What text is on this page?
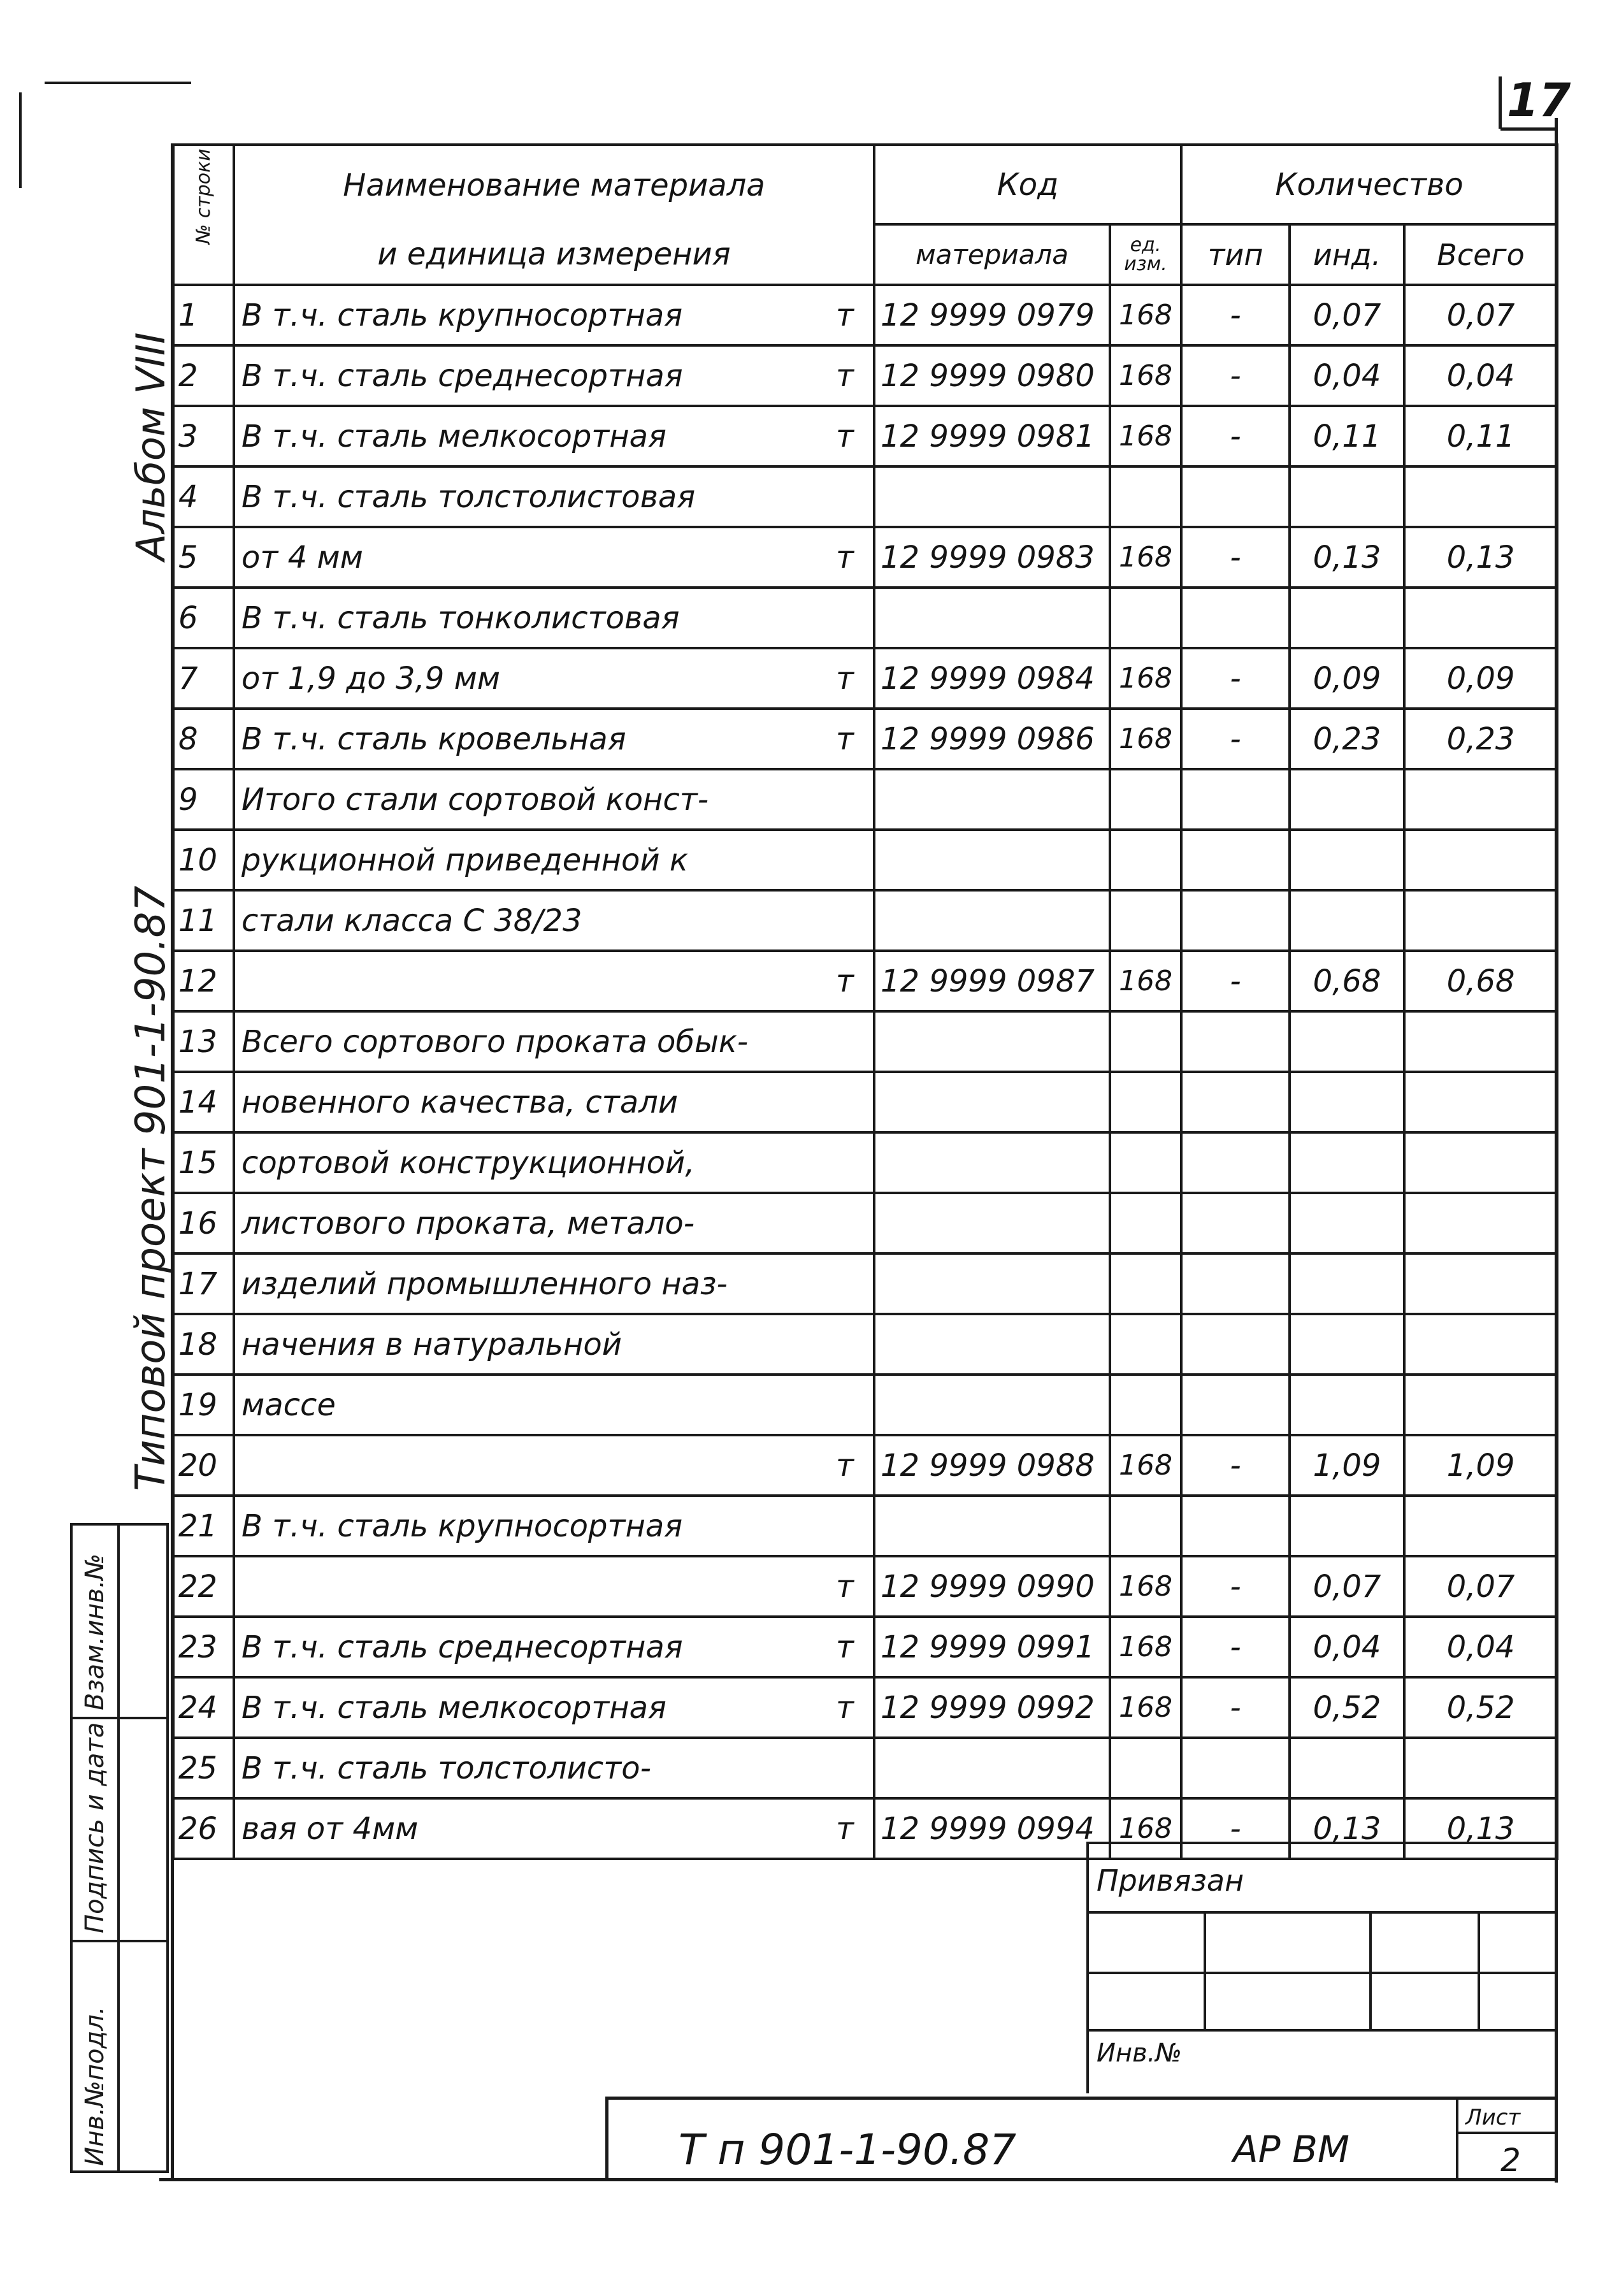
17
Альбом VIII
Типовой проект 901-1-90.87
Взам.инв.№
Подпись и дата
Инв.№подл.
№ строки	Наименование материала	Код		Количество		
	и единица измерения	материала	ед. изм.	тип	инд.	Всего
1	В т.ч. сталь крупносортная т	12 9999 0979	168	-	0,07	0,07
2	В т.ч. сталь среднесортная т	12 9999 0980	168	-	0,04	0,04
3	В т.ч. сталь мелкосортная т	12 9999 0981	168	-	0,11	0,11
4	В т.ч. сталь толстолистовая					

5	от 4 мм т	12 9999 0983	168	-	0,13	0,13
6	В т.ч. сталь тонколистовая					

7	от 1,9 до 3,9 мм т	12 9999 0984	168	-	0,09	0,09
8	В т.ч. сталь кровельная т	12 9999 0986	168	-	0,23	0,23
9	Итого стали сортовой конст-					

10	рукционной приведенной к					

11	стали класса С 38/23					

12	т	12 9999 0987	168	-	0,68	0,68
13	Всего сортового проката обык-					

14	новенного качества, стали					

15	сортовой конструкционной,					

16	листового проката, метало-					

17	изделий промышленного наз-					

18	начения в натуральной					

19	массе					

20	т	12 9999 0988	168	-	1,09	1,09
21	В т.ч. сталь крупносортная					

22	т	12 9999 0990	168	-	0,07	0,07
23	В т.ч. сталь среднесортная т	12 9999 0991	168	-	0,04	0,04
24	В т.ч. сталь мелкосортная т	12 9999 0992	168	-	0,52	0,52
25	В т.ч. сталь толстолисто-					

26	вая от 4мм т	12 9999 0994	168	-	0,13	0,13
Привязан
Инв.№
Т п 901-1-90.87	АР ВМ
Лист
2
